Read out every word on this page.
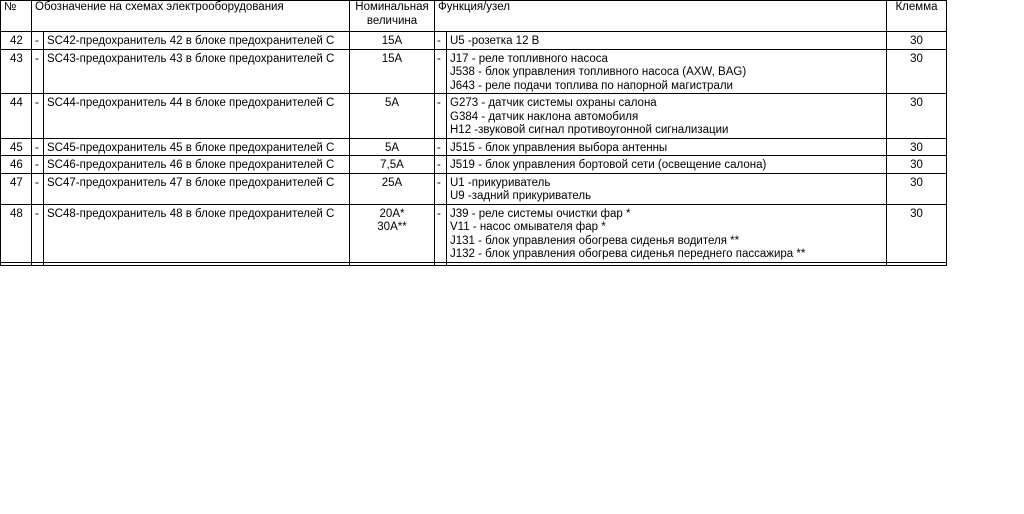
№	Обозначение на схемах электрооборудования		Номинальная
величина	Функция/узел		Клемма
42	-	SC42-предохранитель 42 в блоке предохранителей C	15A	-	U5 -розетка 12 В	30
43	-	SC43-предохранитель 43 в блоке предохранителей C	15A	-	J17 - реле топливного насоса
J538 - блок управления топливного насоса (AXW, BAG)
J643 - реле подачи топлива по напорной магистрали	30
44	-	SC44-предохранитель 44 в блоке предохранителей C	5A	-	G273 - датчик системы охраны салона
G384 - датчик наклона автомобиля
H12 -звуковой сигнал противоугонной сигнализации	30
45	-	SC45-предохранитель 45 в блоке предохранителей C	5A	-	J515 - блок управления выбора антенны	30
46	-	SC46-предохранитель 46 в блоке предохранителей C	7,5A	-	J519 - блок управления бортовой сети (освещение салона)	30
47	-	SC47-предохранитель 47 в блоке предохранителей C	25A	-	U1 -прикуриватель
U9 -задний прикуриватель	30
48	-	SC48-предохранитель 48 в блоке предохранителей C	20A*
30A**	-	J39 - реле системы очистки фар *
V11 - насос омывателя фар *
J131 - блок управления обогрева сиденья водителя **
J132 - блок управления обогрева сиденья переднего пассажира **	30
